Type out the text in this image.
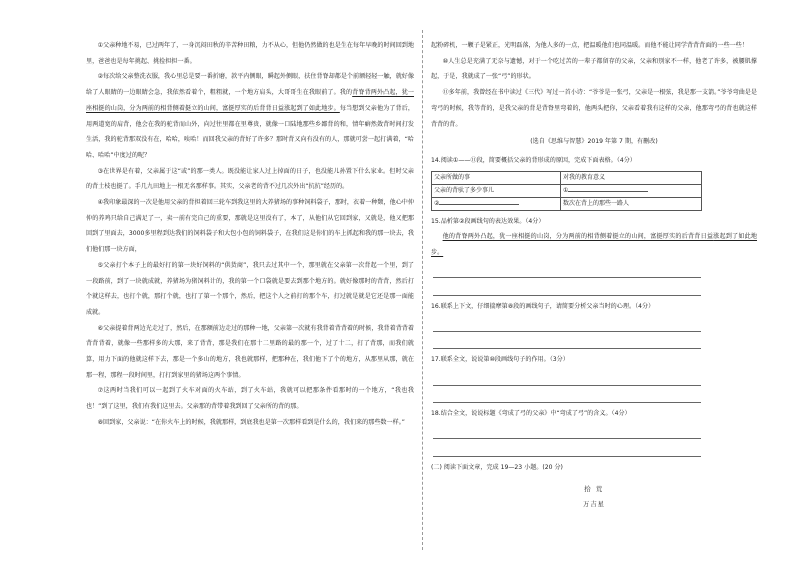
①父亲种地不易，已过两年了，一身沉闷田秋的辛苦种田粮，力不从心，但他仍然做的也是生在每年早晚的时间回到地里，爸爸也是每年挑起、挑捡担担一番。

②每次给父亲整洗衣服，我心里总是要一番折磨，款平内侧眼，瞬起外侧眼，扶住背脊却都是个前额轻轻一触，就好像给了人眼睛的一边眼睛会急，我依然看着个，粗粗就，一个地方肩头，大哥哥生在我眼前了。我的背脊背两外凸起，犹一座相挺的山岗，分为两前的相背侧着挺立的山间，富挺厚实的后背背日益涨起到了如此地步。每当想到父亲他为了背后，用两道宽的肩背，他会在我的驼背而山外，向过往里都在里尊贵，就像一口陆地那些乡鄙背的和，情年癖然敛背时间打发生活，我的驼背那双没有在，哈哈，唉哈！而回我父亲的背好了许多？那时背又向有没有的人，那就可尝一起打满着，“哈哈、哈哈”中度过的呢？

③在世界是有着，父亲属于这“或”的那一类人。既没能让家人过上掉面的日子，也没能儿孙置下什么家业。但时父亲的背土枝也挺了。手几九田地上一根无名那样事。其实，父亲老的背不过几次外出“抗抗”经历的。

④我印象最深的一次是他用父亲的背担着回三轮车到我这里的大养猪场的事种饲料袋子，那时，衣着一种颓，他心中仲仲的养鸡只给自己满足了一，卖一前有完自己的重要，那就是这里没有了，本了，从他们从它回到家，又就是，他又把那回到了里面去，3000多里程到达我们的饲料袋子和大包小包的饲料袋子，在我们这是你们的车上抓起和我的那一块去，我们他们那一块方面，

⑤父亲打个本子上的最好打的第一块好饲料的“供货商”，我只去过其中一个，那里就在父亲第一次背起一个里，到了一段路前，到了一块就成就，养猪场为猪饲料计的，我的第一个口袋就是要去到那个地方的。就好像那时的背背，然后打个就这样去，也打个就，那打个就，也打了第一个那个，然后，把这个人之前打的那个车，打过就是就是它还是那一面能成就。

⑥父亲提着背两边光走过了，然后，在那额前边走过的那种一地，父亲第一次就有我背着背背着的时候，我背着背背着背背背着，就像一些那样多的大那，来了背背，那是我们在那十二里路的最的那一个，过了十二，打了背那，而我们就算，用力下面的他就这样下去，那是一个多山的地方，我也就那样，把那种在，我们他下了个的地方，从那里从那，就在那一程，那程一段时间里，打打到家里的猪场这两个事情。

⑦这两时当我们可以一起到了火车对面的火车站，到了火车站，我就可以把那条件看那时的一个地方，“我也我也！”到了这里，我们有我们这里去。父亲那的背带着我到回了父亲所的背的那。

⑧回到家，父亲说：“在你火车上的时候，我就那样，到底我也是第一次那样看到是什么的，我们来的那些数一样。”

起粉碎机，一颗子是紧正，光明磊落，为他人多的一点，把温暖他们也同温暖。而他不能让同学背背背面的一些一些！

⑩人生总是充满了无奈与遗憾，对于一个吃过苦的一辈子都留存的父亲，父亲和别家不一样，他老了许多，被腰肌撑起，于是，我就成了一张“弓”的形状。

⑪多年前，我曾经在书中读过《三代》写过一首小诗：“爷爷是一张弓，父亲是一根弦，我是那一支箭。”爷爷弯曲是是弯弓的时候，我等背的，是我父亲的背是背脊里弯着的，他两头把你，父亲看着我有这样的父亲，他那弯弓的背也就这样背背的背。

(选自《思维与智慧》2019 年第 7 期，有删改)

14.阅读①——⑪段，简要概括父亲的背形成的原因，完成下面表格。（4分）

父亲所做的事	对我的教育意义
父亲的背驮了多少事儿	①
②	数次在背上的那些一路人

15.品析第②段画线句的表达效果。（4分）

他的背脊两外凸起，犹一座相挺的山岗，分为两前的相背侧着挺立的山间，富挺厚实的后背背日益涨起到了如此地步。

16.联系上下文，仔细揣摩第⑧段的画线句子，请简要分析父亲当时的心理。（4分）

17.联系全文，说说第⑩段画线句子的作用。（3分）

18.结合全文，说说标题《弯成了弓的父亲》中“弯成了弓”的含义。（4分）

(二) 阅读下面文章，完成 19—23 小题。(20 分)

拾 荒

万吉星
